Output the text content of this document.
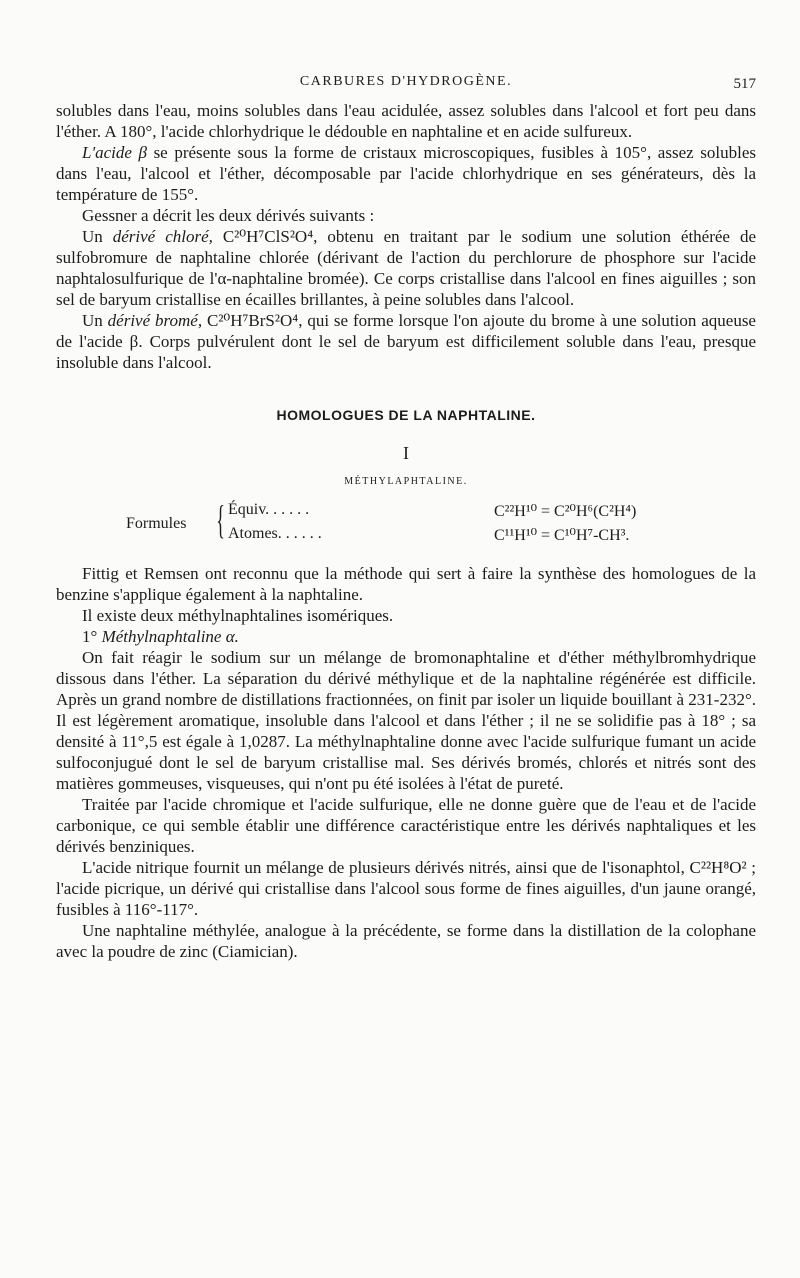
CARBURES D'HYDROGÈNE.	517

solubles dans l'eau, moins solubles dans l'eau acidulée, assez solubles dans l'alcool et fort peu dans l'éther. A 180°, l'acide chlorhydrique le dédouble en naphtaline et en acide sulfureux.

L'acide β se présente sous la forme de cristaux microscopiques, fusibles à 105°, assez solubles dans l'eau, l'alcool et l'éther, décomposable par l'acide chlorhydrique en ses générateurs, dès la température de 155°.

Gessner a décrit les deux dérivés suivants :

Un dérivé chloré, C²⁰H⁷ClS²O⁴, obtenu en traitant par le sodium une solution éthérée de sulfobromure de naphtaline chlorée (dérivant de l'action du perchlorure de phosphore sur l'acide naphtalosulfurique de l'α-naphtaline bromée). Ce corps cristallise dans l'alcool en fines aiguilles ; son sel de baryum cristallise en écailles brillantes, à peine solubles dans l'alcool.

Un dérivé bromé, C²⁰H⁷BrS²O⁴, qui se forme lorsque l'on ajoute du brome à une solution aqueuse de l'acide β. Corps pulvérulent dont le sel de baryum est difficilement soluble dans l'eau, presque insoluble dans l'alcool.

HOMOLOGUES DE LA NAPHTALINE.
I
MÉTHYLAPHTALINE.
Formules { Équiv. . . . . .	C²²H¹⁰ = C²⁰H⁶(C²H⁴)
Atomes. . . . . .	C¹¹H¹⁰ = C¹⁰H⁷-CH³.

Fittig et Remsen ont reconnu que la méthode qui sert à faire la synthèse des homologues de la benzine s'applique également à la naphtaline.

Il existe deux méthylnaphtalines isomériques.

1° Méthylnaphtaline α.

On fait réagir le sodium sur un mélange de bromonaphtaline et d'éther méthylbromhydrique dissous dans l'éther. La séparation du dérivé méthylique et de la naphtaline régénérée est difficile. Après un grand nombre de distillations fractionnées, on finit par isoler un liquide bouillant à 231-232°. Il est légèrement aromatique, insoluble dans l'alcool et dans l'éther ; il ne se solidifie pas à 18° ; sa densité à 11°,5 est égale à 1,0287. La méthylnaphtaline donne avec l'acide sulfurique fumant un acide sulfoconjugué dont le sel de baryum cristallise mal. Ses dérivés bromés, chlorés et nitrés sont des matières gommeuses, visqueuses, qui n'ont pu été isolées à l'état de pureté.

Traitée par l'acide chromique et l'acide sulfurique, elle ne donne guère que de l'eau et de l'acide carbonique, ce qui semble établir une différence caractéristique entre les dérivés naphtaliques et les dérivés benziniques.

L'acide nitrique fournit un mélange de plusieurs dérivés nitrés, ainsi que de l'isonaphtol, C²²H⁸O² ; l'acide picrique, un dérivé qui cristallise dans l'alcool sous forme de fines aiguilles, d'un jaune orangé, fusibles à 116°-117°.

Une naphtaline méthylée, analogue à la précédente, se forme dans la distillation de la colophane avec la poudre de zinc (Ciamician).
